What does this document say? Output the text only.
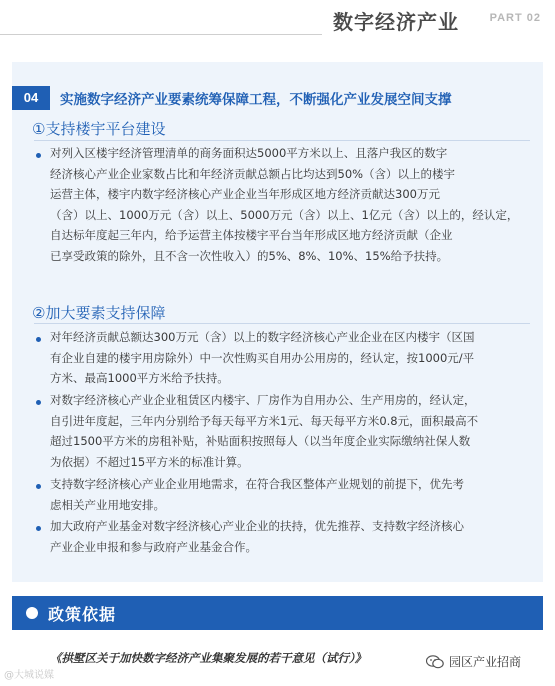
数字经济产业	PART 02
04	实施数字经济产业要素统筹保障工程，不断强化产业发展空间支撑
①支持楼宇平台建设
对列入区楼宇经济管理清单的商务面积达5000平方米以上、且落户我区的数字
经济核心产业企业家数占比和年经济贡献总额占比均达到50%（含）以上的楼宇
运营主体，楼宇内数字经济核心产业企业当年形成区地方经济贡献达300万元
（含）以上、1000万元（含）以上、5000万元（含）以上、1亿元（含）以上的，经认定，
自达标年度起三年内，给予运营主体按楼宇平台当年形成区地方经济贡献（企业
已享受政策的除外，且不含一次性收入）的5%、8%、10%、15%给予扶持。
②加大要素支持保障
对年经济贡献总额达300万元（含）以上的数字经济核心产业企业在区内楼宇（区国
有企业自建的楼宇用房除外）中一次性购买自用办公用房的，经认定，按1000元/平
方米、最高1000平方米给予扶持。
对数字经济核心产业企业租赁区内楼宇、厂房作为自用办公、生产用房的，经认定，
自引进年度起，三年内分别给予每天每平方米1元、每天每平方米0.8元，面积最高不
超过1500平方米的房租补贴，补贴面积按照每人（以当年度企业实际缴纳社保人数
为依据）不超过15平方米的标准计算。
支持数字经济核心产业企业用地需求，在符合我区整体产业规划的前提下，优先考
虑相关产业用地安排。
加大政府产业基金对数字经济核心产业企业的扶持，优先推荐、支持数字经济核心
产业企业申报和参与政府产业基金合作。
政策依据
《拱墅区关于加快数字经济产业集聚发展的若干意见（试行）》
@大城说媒
园区产业招商
